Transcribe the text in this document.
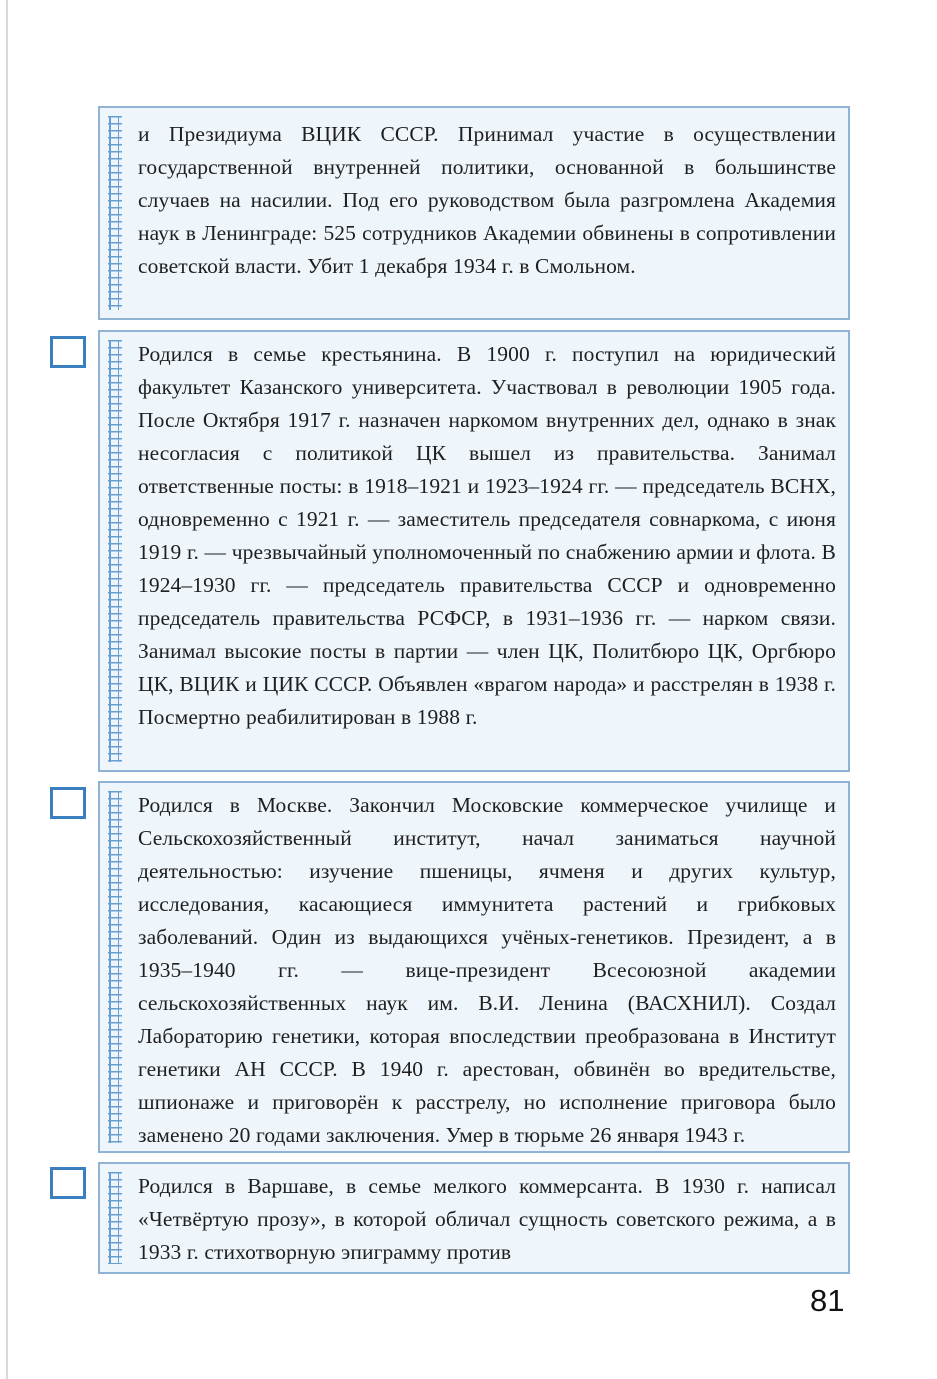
и Президиума ВЦИК СССР. Принимал участие в осуществлении государственной внутренней политики, основанной в большинстве случаев на насилии. Под его руководством была разгромлена Академия наук в Ленинграде: 525 сотрудников Академии обвинены в сопротивлении советской власти. Убит 1 декабря 1934 г. в Смольном.

Родился в семье крестьянина. В 1900 г. поступил на юридический факультет Казанского университета. Участвовал в революции 1905 года. После Октября 1917 г. назначен наркомом внутренних дел, однако в знак несогласия с политикой ЦК вышел из правительства. Занимал ответственные посты: в 1918–1921 и 1923–1924 гг. — председатель ВСНХ, одновременно с 1921 г. — заместитель председателя совнаркома, с июня 1919 г. — чрезвычайный уполномоченный по снабжению армии и флота. В 1924–1930 гг. — председатель правительства СССР и одновременно председатель правительства РСФСР, в 1931–1936 гг. — нарком связи. Занимал высокие посты в партии — член ЦК, Политбюро ЦК, Оргбюро ЦК, ВЦИК и ЦИК СССР. Объявлен «врагом народа» и расстрелян в 1938 г. Посмертно реабилитирован в 1988 г.

Родился в Москве. Закончил Московские коммерческое училище и Сельскохозяйственный институт, начал заниматься научной деятельностью: изучение пшеницы, ячменя и других культур, исследования, касающиеся иммунитета растений и грибковых заболеваний. Один из выдающихся учёных-генетиков. Президент, а в 1935–1940 гг. — вице-президент Всесоюзной академии сельскохозяйственных наук им. В.И. Ленина (ВАСХНИЛ). Создал Лабораторию генетики, которая впоследствии преобразована в Институт генетики АН СССР. В 1940 г. арестован, обвинён во вредительстве, шпионаже и приговорён к расстрелу, но исполнение приговора было заменено 20 годами заключения. Умер в тюрьме 26 января 1943 г.

Родился в Варшаве, в семье мелкого коммерсанта. В 1930 г. написал «Четвёртую прозу», в которой обличал сущность советского режима, а в 1933 г. стихотворную эпиграмму против

81
